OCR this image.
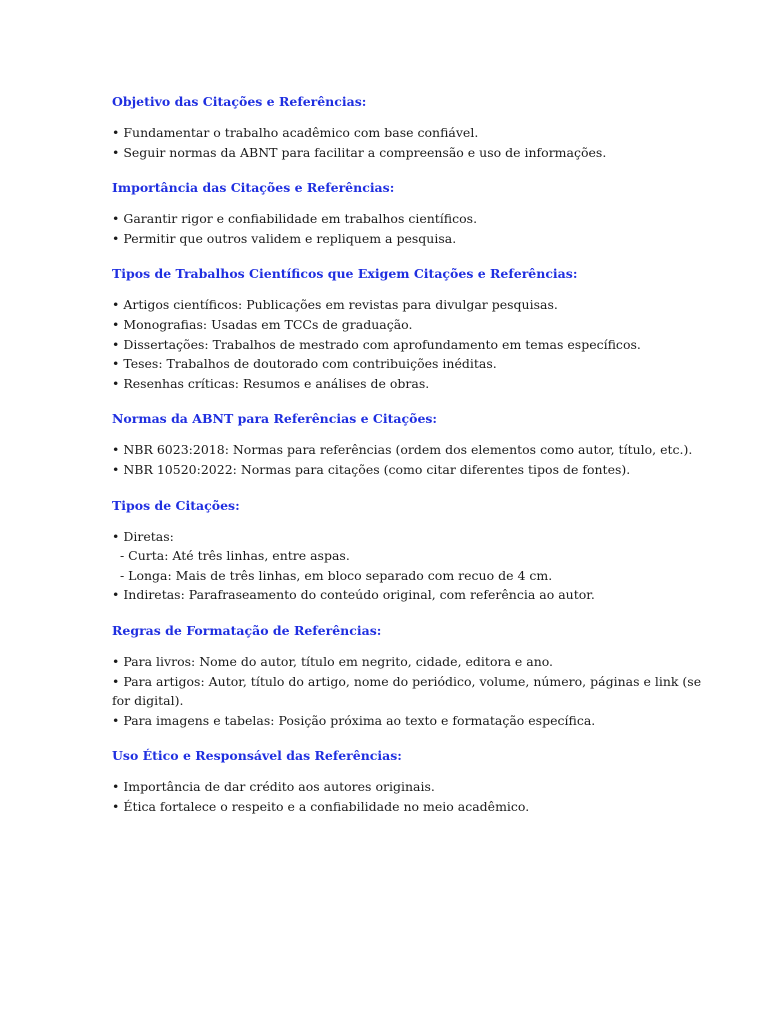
Objetivo das Citações e Referências:
• Fundamentar o trabalho acadêmico com base confiável.
• Seguir normas da ABNT para facilitar a compreensão e uso de informações.
Importância das Citações e Referências:
• Garantir rigor e confiabilidade em trabalhos científicos.
• Permitir que outros validem e repliquem a pesquisa.
Tipos de Trabalhos Científicos que Exigem Citações e Referências:
• Artigos científicos: Publicações em revistas para divulgar pesquisas.
• Monografias: Usadas em TCCs de graduação.
• Dissertações: Trabalhos de mestrado com aprofundamento em temas específicos.
• Teses: Trabalhos de doutorado com contribuições inéditas.
• Resenhas críticas: Resumos e análises de obras.
Normas da ABNT para Referências e Citações:
• NBR 6023:2018: Normas para referências (ordem dos elementos como autor, título, etc.).
• NBR 10520:2022: Normas para citações (como citar diferentes tipos de fontes).
Tipos de Citações:
• Diretas:
- Curta: Até três linhas, entre aspas.
- Longa: Mais de três linhas, em bloco separado com recuo de 4 cm.
• Indiretas: Parafraseamento do conteúdo original, com referência ao autor.
Regras de Formatação de Referências:
• Para livros: Nome do autor, título em negrito, cidade, editora e ano.
• Para artigos: Autor, título do artigo, nome do periódico, volume, número, páginas e link (se
for digital).
• Para imagens e tabelas: Posição próxima ao texto e formatação específica.
Uso Ético e Responsável das Referências:
• Importância de dar crédito aos autores originais.
• Ética fortalece o respeito e a confiabilidade no meio acadêmico.
